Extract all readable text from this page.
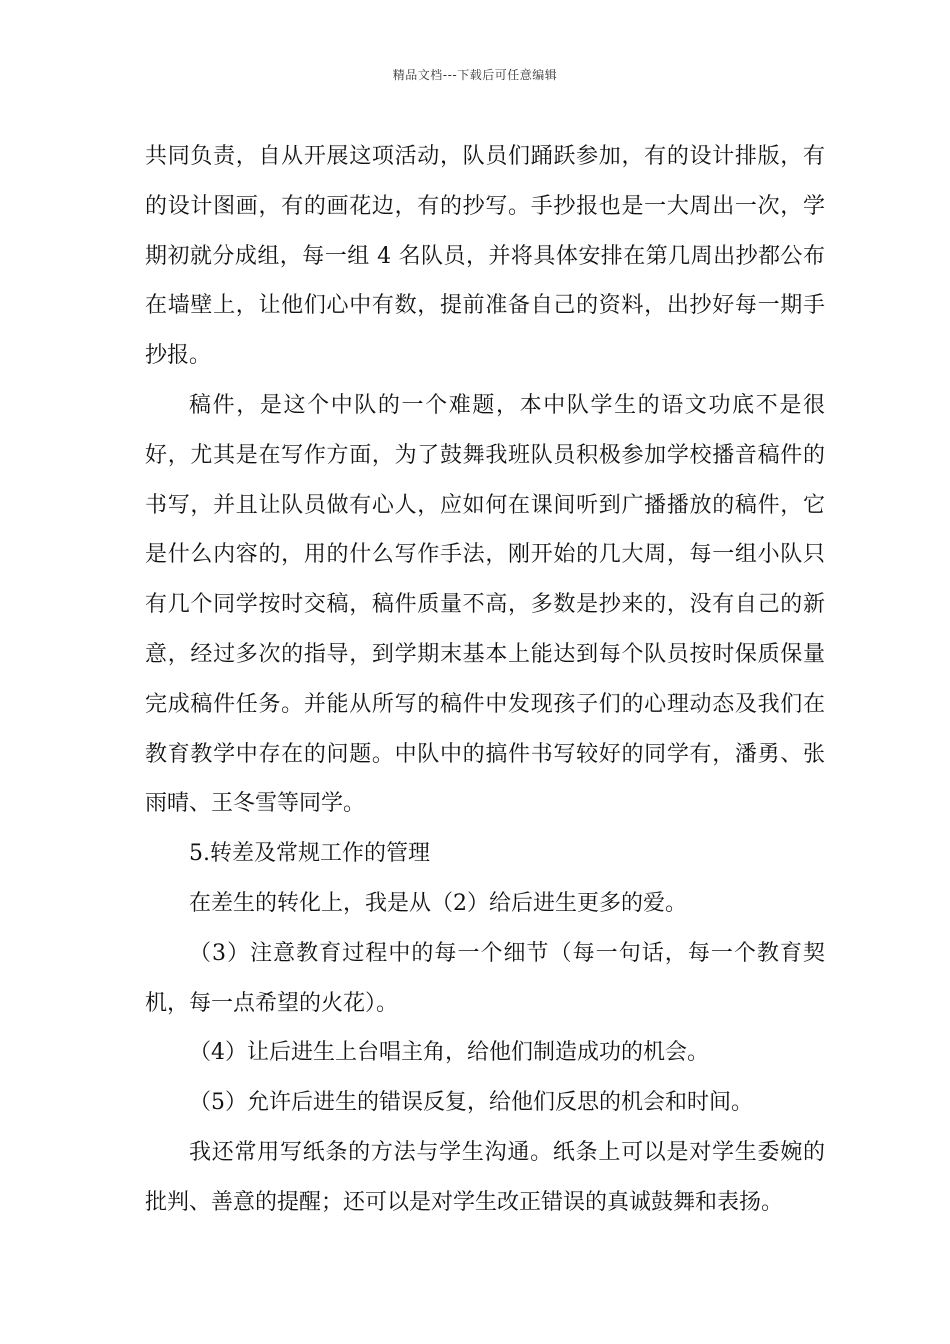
精品文档---下载后可任意编辑

共同负责，自从开展这项活动，队员们踊跃参加，有的设计排版，有的设计图画，有的画花边，有的抄写。手抄报也是一大周出一次，学期初就分成组，每一组 4 名队员，并将具体安排在第几周出抄都公布在墙壁上，让他们心中有数，提前准备自己的资料，出抄好每一期手抄报。

稿件，是这个中队的一个难题，本中队学生的语文功底不是很好，尤其是在写作方面，为了鼓舞我班队员积极参加学校播音稿件的书写，并且让队员做有心人，应如何在课间听到广播播放的稿件，它是什么内容的，用的什么写作手法，刚开始的几大周，每一组小队只有几个同学按时交稿，稿件质量不高，多数是抄来的，没有自己的新意，经过多次的指导，到学期末基本上能达到每个队员按时保质保量完成稿件任务。并能从所写的稿件中发现孩子们的心理动态及我们在教育教学中存在的问题。中队中的搞件书写较好的同学有，潘勇、张雨晴、王冬雪等同学。

5.转差及常规工作的管理

在差生的转化上，我是从（2）给后进生更多的爱。

（3）注意教育过程中的每一个细节（每一句话，每一个教育契机，每一点希望的火花）。

（4）让后进生上台唱主角，给他们制造成功的机会。

（5）允许后进生的错误反复，给他们反思的机会和时间。

我还常用写纸条的方法与学生沟通。纸条上可以是对学生委婉的批判、善意的提醒；还可以是对学生改正错误的真诚鼓舞和表扬。
